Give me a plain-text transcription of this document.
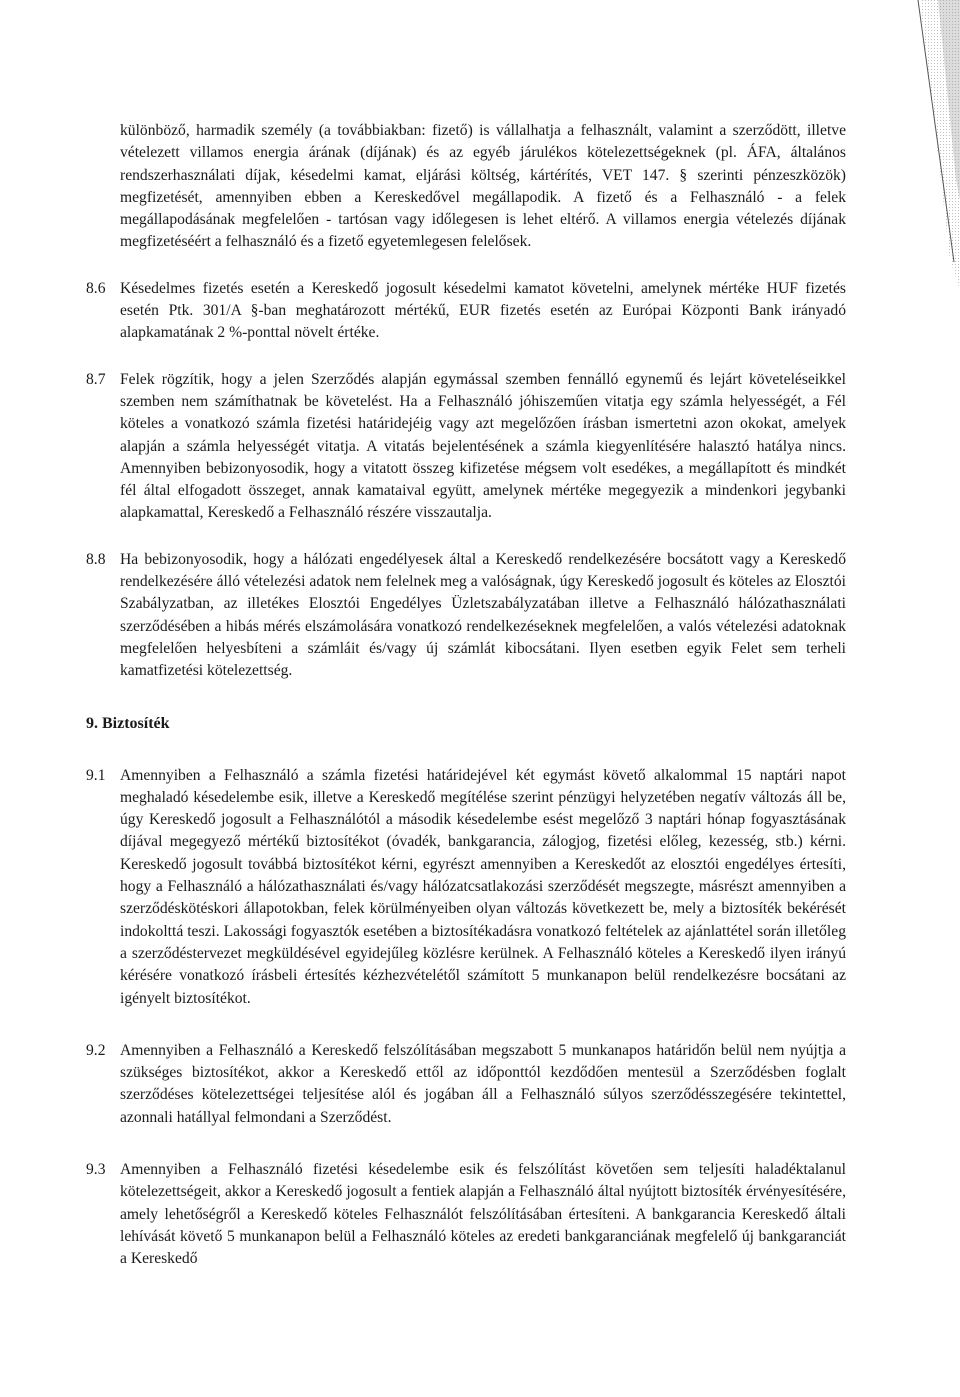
különböző, harmadik személy (a továbbiakban: fizető) is vállalhatja a felhasznált, valamint a szerződött, illetve vételezett villamos energia árának (díjának) és az egyéb járulékos kötelezettségeknek (pl. ÁFA, általános rendszerhasználati díjak, késedelmi kamat, eljárási költség, kártérítés, VET 147. § szerinti pénzeszközök) megfizetését, amennyiben ebben a Kereskedővel megállapodik. A fizető és a Felhasználó - a felek megállapodásának megfelelően - tartósan vagy időlegesen is lehet eltérő. A villamos energia vételezés díjának megfizetéséért a felhasználó és a fizető egyetemlegesen felelősek.

8.6 Késedelmes fizetés esetén a Kereskedő jogosult késedelmi kamatot követelni, amelynek mértéke HUF fizetés esetén Ptk. 301/A §-ban meghatározott mértékű, EUR fizetés esetén az Európai Központi Bank irányadó alapkamatának 2 %-ponttal növelt értéke.
8.7 Felek rögzítik, hogy a jelen Szerződés alapján egymással szemben fennálló egynemű és lejárt követeléseikkel szemben nem számíthatnak be követelést. Ha a Felhasználó jóhiszeműen vitatja egy számla helyességét, a Fél köteles a vonatkozó számla fizetési határidejéig vagy azt megelőzően írásban ismertetni azon okokat, amelyek alapján a számla helyességét vitatja. A vitatás bejelentésének a számla kiegyenlítésére halasztó hatálya nincs. Amennyiben bebizonyosodik, hogy a vitatott összeg kifizetése mégsem volt esedékes, a megállapított és mindkét fél által elfogadott összeget, annak kamataival együtt, amelynek mértéke megegyezik a mindenkori jegybanki alapkamattal, Kereskedő a Felhasználó részére visszautalja.
8.8 Ha bebizonyosodik, hogy a hálózati engedélyesek által a Kereskedő rendelkezésére bocsátott vagy a Kereskedő rendelkezésére álló vételezési adatok nem felelnek meg a valóságnak, úgy Kereskedő jogosult és köteles az Elosztói Szabályzatban, az illetékes Elosztói Engedélyes Üzletszabályzatában illetve a Felhasználó hálózathasználati szerződésében a hibás mérés elszámolására vonatkozó rendelkezéseknek megfelelően, a valós vételezési adatoknak megfelelően helyesbíteni a számláit és/vagy új számlát kibocsátani. Ilyen esetben egyik Felet sem terheli kamatfizetési kötelezettség.

9. Biztosíték

9.1 Amennyiben a Felhasználó a számla fizetési határidejével két egymást követő alkalommal 15 naptári napot meghaladó késedelembe esik, illetve a Kereskedő megítélése szerint pénzügyi helyzetében negatív változás áll be, úgy Kereskedő jogosult a Felhasználótól a második késedelembe esést megelőző 3 naptári hónap fogyasztásának díjával megegyező mértékű biztosítékot (óvadék, bankgarancia, zálogjog, fizetési előleg, kezesség, stb.) kérni. Kereskedő jogosult továbbá biztosítékot kérni, egyrészt amennyiben a Kereskedőt az elosztói engedélyes értesíti, hogy a Felhasználó a hálózathasználati és/vagy hálózatcsatlakozási szerződését megszegte, másrészt amennyiben a szerződéskötéskori állapotokban, felek körülményeiben olyan változás következett be, mely a biztosíték bekérését indokolttá teszi. Lakossági fogyasztók esetében a biztosítékadásra vonatkozó feltételek az ajánlattétel során illetőleg a szerződéstervezet megküldésével egyidejűleg közlésre kerülnek. A Felhasználó köteles a Kereskedő ilyen irányú kérésére vonatkozó írásbeli értesítés kézhezvételétől számított 5 munkanapon belül rendelkezésre bocsátani az igényelt biztosítékot.
9.2 Amennyiben a Felhasználó a Kereskedő felszólításában megszabott 5 munkanapos határidőn belül nem nyújtja a szükséges biztosítékot, akkor a Kereskedő ettől az időponttól kezdődően mentesül a Szerződésben foglalt szerződéses kötelezettségei teljesítése alól és jogában áll a Felhasználó súlyos szerződésszegésére tekintettel, azonnali hatállyal felmondani a Szerződést.
9.3 Amennyiben a Felhasználó fizetési késedelembe esik és felszólítást követően sem teljesíti haladéktalanul kötelezettségeit, akkor a Kereskedő jogosult a fentiek alapján a Felhasználó által nyújtott biztosíték érvényesítésére, amely lehetőségről a Kereskedő köteles Felhasználót felszólításában értesíteni. A bankgarancia Kereskedő általi lehívását követő 5 munkanapon belül a Felhasználó köteles az eredeti bankgaranciának megfelelő új bankgaranciát a Kereskedő
